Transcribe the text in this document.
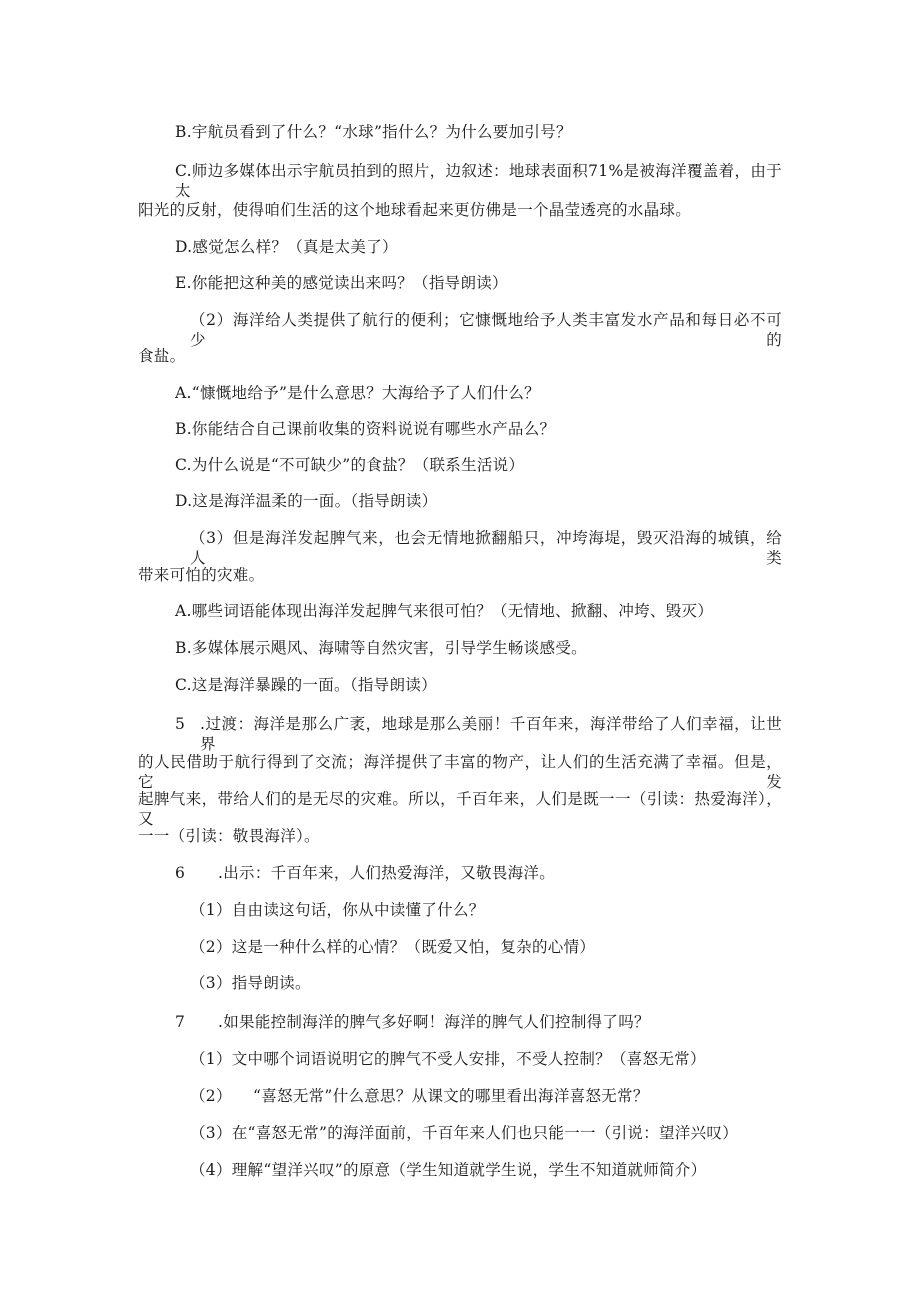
B.宇航员看到了什么？“水球”指什么？为什么要加引号？
C.师边多媒体出示宇航员拍到的照片，边叙述：地球表面积71%是被海洋覆盖着，由于太
阳光的反射，使得咱们生活的这个地球看起来更仿佛是一个晶莹透亮的水晶球。
D.感觉怎么样？（真是太美了）
E.你能把这种美的感觉读出来吗？（指导朗读）
（2）海洋给人类提供了航行的便利；它慷慨地给予人类丰富发水产品和每日必不可少的
食盐。
A.“慷慨地给予”是什么意思？大海给予了人们什么？
B.你能结合自己课前收集的资料说说有哪些水产品么？
C.为什么说是“不可缺少”的食盐？（联系生活说）
D.这是海洋温柔的一面。（指导朗读）
（3）但是海洋发起脾气来，也会无情地掀翻船只，冲垮海堤，毁灭沿海的城镇，给人类
带来可怕的灾难。
A.哪些词语能体现出海洋发起脾气来很可怕？（无情地、掀翻、冲垮、毁灭）
B.多媒体展示飓风、海啸等自然灾害，引导学生畅谈感受。
C.这是海洋暴躁的一面。（指导朗读）
5 .过渡：海洋是那么广袤，地球是那么美丽！千百年来，海洋带给了人们幸福，让世界
的人民借助于航行得到了交流；海洋提供了丰富的物产，让人们的生活充满了幸福。但是，它发
起脾气来，带给人们的是无尽的灾难。所以，千百年来，人们是既一一（引读：热爱海洋），又
一一（引读：敬畏海洋）。
6 .出示：千百年来，人们热爱海洋，又敬畏海洋。
（1）自由读这句话，你从中读懂了什么？
（2）这是一种什么样的心情？（既爱又怕，复杂的心情）
（3）指导朗读。
7 .如果能控制海洋的脾气多好啊！海洋的脾气人们控制得了吗？
（1）文中哪个词语说明它的脾气不受人安排，不受人控制？（喜怒无常）
（2） “喜怒无常”什么意思？从课文的哪里看出海洋喜怒无常？
（3）在“喜怒无常”的海洋面前，千百年来人们也只能一一（引说：望洋兴叹）
（4）理解“望洋兴叹”的原意（学生知道就学生说，学生不知道就师简介）
